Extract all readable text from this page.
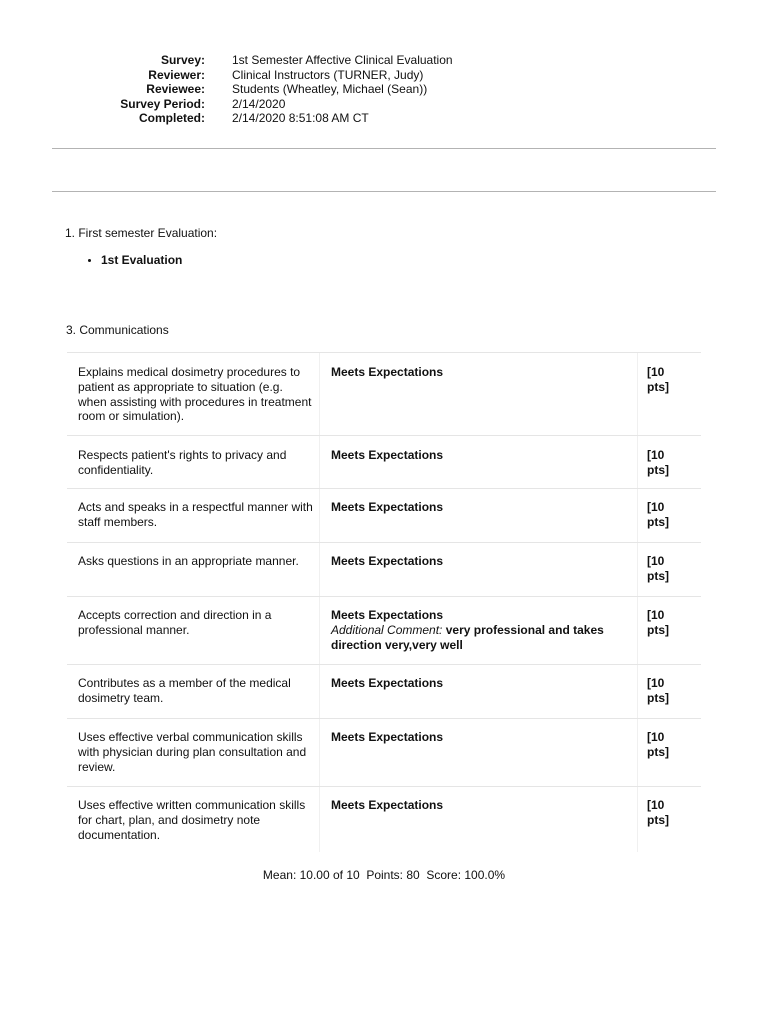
Survey: 1st Semester Affective Clinical Evaluation
Reviewer: Clinical Instructors (TURNER, Judy)
Reviewee: Students (Wheatley, Michael (Sean))
Survey Period: 2/14/2020
Completed: 2/14/2020 8:51:08 AM CT
1. First semester Evaluation:
1st Evaluation
3. Communications
Explains medical dosimetry procedures to patient as appropriate to situation (e.g. when assisting with procedures in treatment room or simulation).
Meets Expectations	[10
pts]
Respects patient's rights to privacy and confidentiality.
Meets Expectations	[10
pts]
Acts and speaks in a respectful manner with staff members.
Meets Expectations	[10
pts]
Asks questions in an appropriate manner.	Meets Expectations	[10
pts]
Accepts correction and direction in a professional manner.
Meets Expectations
Additional Comment: very professional and takes direction very,very well
[10
pts]
Contributes as a member of the medical dosimetry team.
Meets Expectations	[10
pts]
Uses effective verbal communication skills with physician during plan consultation and review.
Meets Expectations	[10
pts]
Uses effective written communication skills for chart, plan, and dosimetry note documentation.
Meets Expectations	[10
pts]
Mean: 10.00 of 10  Points: 80  Score: 100.0%
